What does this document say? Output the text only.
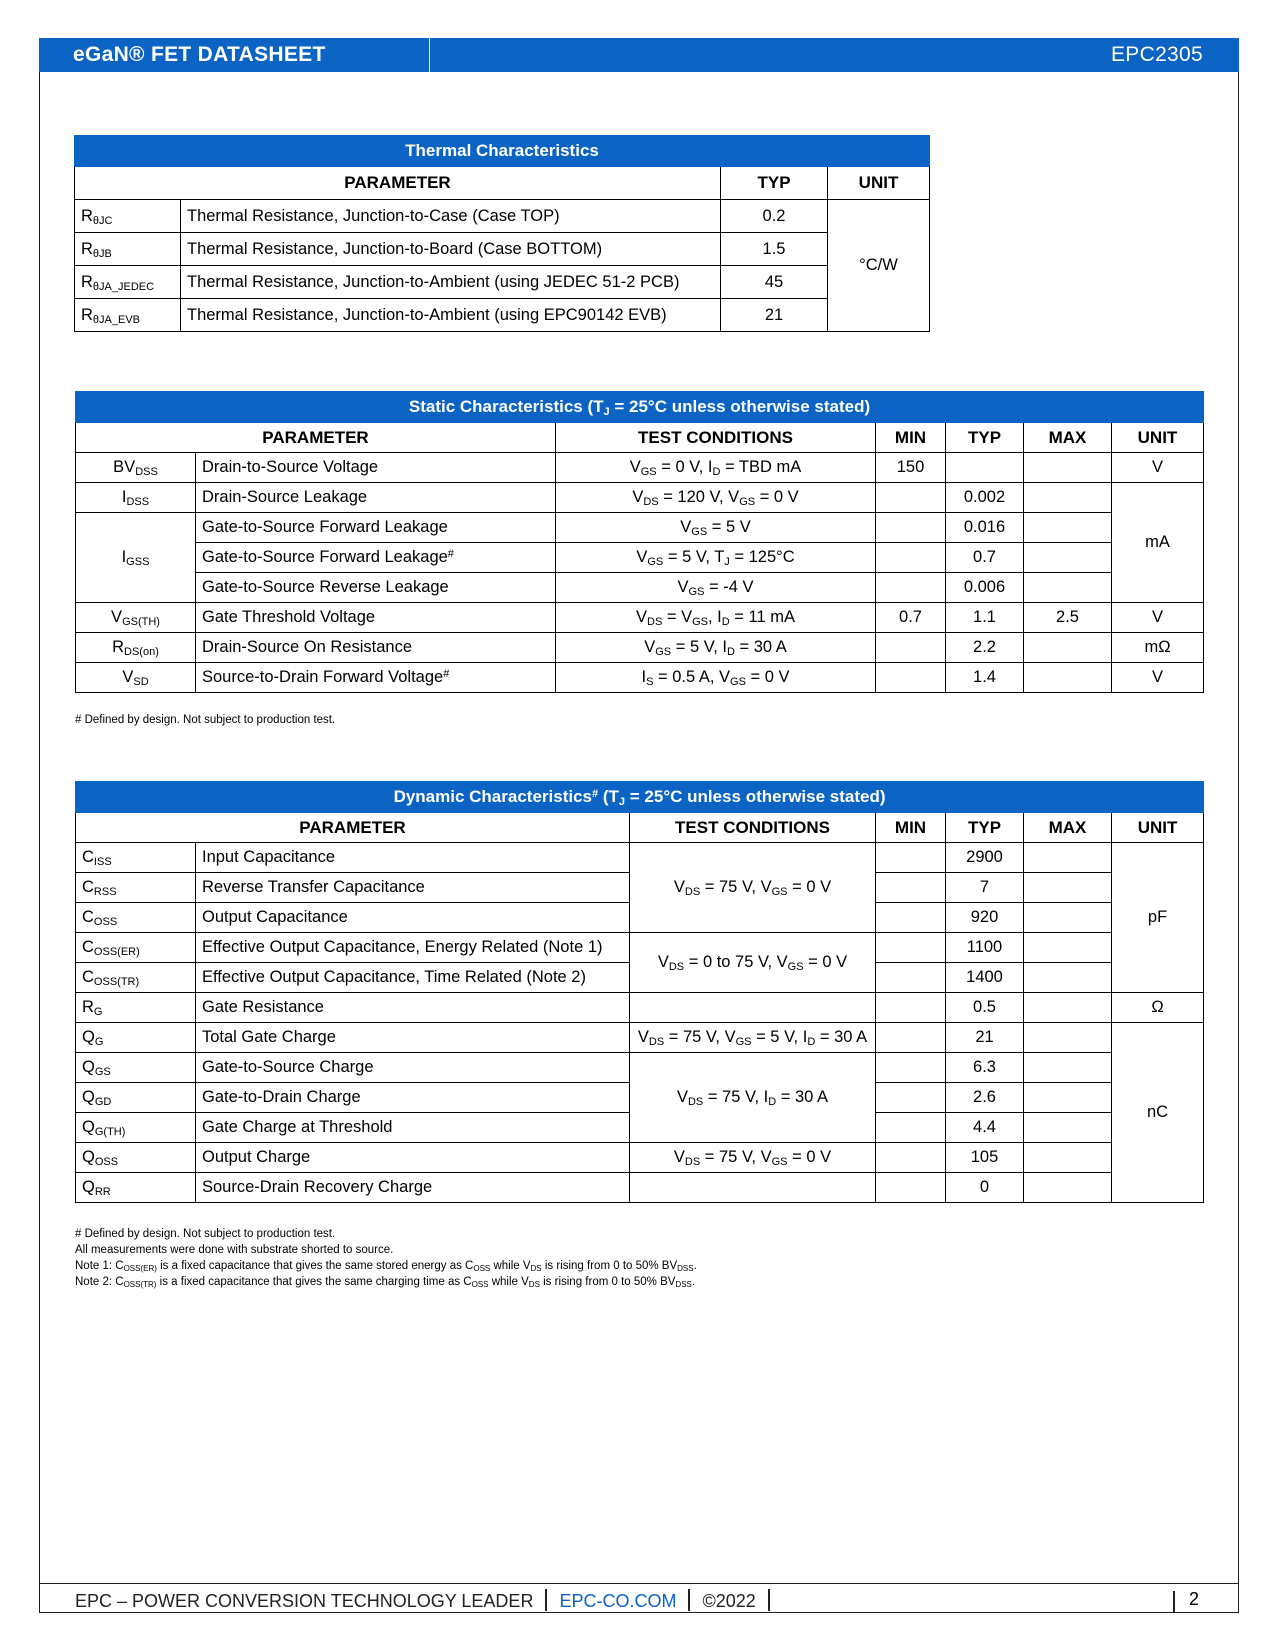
eGaN® FET DATASHEET	EPC2305
Thermal Characteristics			
PARAMETER		TYP	UNIT
$R_{\theta JC}$	Thermal Resistance, Junction-to-Case (Case TOP)	0.2	°C/W
$R_{\theta JB}$	Thermal Resistance, Junction-to-Board (Case BOTTOM)	1.5	
$R_{\theta JA\_JEDEC}$	Thermal Resistance, Junction-to-Ambient (using JEDEC 51-2 PCB)	45	
$R_{\theta JA\_EVB}$	Thermal Resistance, Junction-to-Ambient (using EPC90142 EVB)	21	
Static Characteristics ($T_J = 25^\circ C$ unless otherwise stated)						
PARAMETER		TEST CONDITIONS	MIN	TYP	MAX	UNIT
$BV_{DSS}$	Drain-to-Source Voltage	$V_{GS} = 0$ V, $I_D$ = TBD mA	150			V
$I_{DSS}$	Drain-Source Leakage	$V_{DS} = 120$ V, $V_{GS} = 0$ V		0.002		mA
$I_{GSS}$	Gate-to-Source Forward Leakage	$V_{GS} = 5$ V		0.016		
	Gate-to-Source Forward Leakage#	$V_{GS} = 5$ V, $T_J = 125^\circ C$		0.7		
	Gate-to-Source Reverse Leakage	$V_{GS} = -4$ V		0.006		
$V_{GS(TH)}$	Gate Threshold Voltage	$V_{DS} = V_{GS}$, $I_D = 11$ mA	0.7	1.1	2.5	V
$R_{DS(on)}$	Drain-Source On Resistance	$V_{GS} = 5$ V, $I_D = 30$ A		2.2		mΩ
$V_{SD}$	Source-to-Drain Forward Voltage#	$I_S = 0.5$ A, $V_{GS} = 0$ V		1.4		V
# Defined by design. Not subject to production test.
Dynamic Characteristics# ($T_J = 25^\circ C$ unless otherwise stated)						
PARAMETER		TEST CONDITIONS	MIN	TYP	MAX	UNIT
$C_{ISS}$	Input Capacitance	$V_{DS} = 75$ V, $V_{GS} = 0$ V		2900		pF
$C_{RSS}$	Reverse Transfer Capacitance			7		
$C_{OSS}$	Output Capacitance			920		
$C_{OSS(ER)}$	Effective Output Capacitance, Energy Related (Note 1)	$V_{DS} = 0$ to 75 V, $V_{GS} = 0$ V		1100		
$C_{OSS(TR)}$	Effective Output Capacitance, Time Related (Note 2)			1400		
$R_G$	Gate Resistance			0.5		Ω
$Q_G$	Total Gate Charge	$V_{DS} = 75$ V, $V_{GS} = 5$ V, $I_D = 30$ A		21		nC
$Q_{GS}$	Gate-to-Source Charge	$V_{DS} = 75$ V, $I_D = 30$ A		6.3		
$Q_{GD}$	Gate-to-Drain Charge			2.6		
$Q_{G(TH)}$	Gate Charge at Threshold			4.4		
$Q_{OSS}$	Output Charge	$V_{DS} = 75$ V, $V_{GS} = 0$ V		105		
$Q_{RR}$	Source-Drain Recovery Charge			0		
# Defined by design. Not subject to production test.
All measurements were done with substrate shorted to source.
Note 1: $C_{OSS(ER)}$ is a fixed capacitance that gives the same stored energy as $C_{OSS}$ while $V_{DS}$ is rising from 0 to 50% $BV_{DSS}$.
Note 2: $C_{OSS(TR)}$ is a fixed capacitance that gives the same charging time as $C_{OSS}$ while $V_{DS}$ is rising from 0 to 50% $BV_{DSS}$.
EPC – POWER CONVERSION TECHNOLOGY LEADER EPC-CO.COM ©2022	2
